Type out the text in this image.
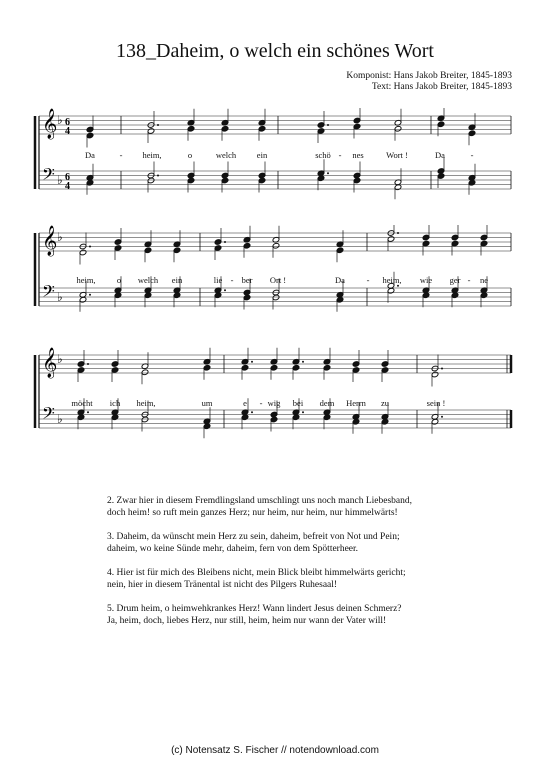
138_Daheim, o welch ein schönes Wort
Komponist: Hans Jakob Breiter, 1845-1893
Text: Hans Jakob Breiter, 1845-1893
𝄞 ♭ 6
4
𝄢 ♭ 6
4
𝄞 ♭
𝄢 ♭
𝄞 ♭
𝄢 ♭
Da	- heim,	o	welch ein	schö - nes	Wort !	Da	-
heim,	o welch ein	lie - ber Ort !	Da	- heim, wie ger - ne
möcht ich heim,	um	e - wig bei dem Herrn zu	sein !

2. Zwar hier in diesem Fremdlingsland umschlingt uns noch manch Liebesband,
doch heim! so ruft mein ganzes Herz; nur heim, nur heim, nur himmelwärts!

3. Daheim, da wünscht mein Herz zu sein, daheim, befreit von Not und Pein;
daheim, wo keine Sünde mehr, daheim, fern von dem Spötterheer.

4. Hier ist für mich des Bleibens nicht, mein Blick bleibt himmelwärts gericht;
nein, hier in diesem Tränental ist nicht des Pilgers Ruhesaal!

5. Drum heim, o heimwehkrankes Herz! Wann lindert Jesus deinen Schmerz?
Ja, heim, doch, liebes Herz, nur still, heim, heim nur wann der Vater will!

(c) Notensatz S. Fischer // notendownload.com
